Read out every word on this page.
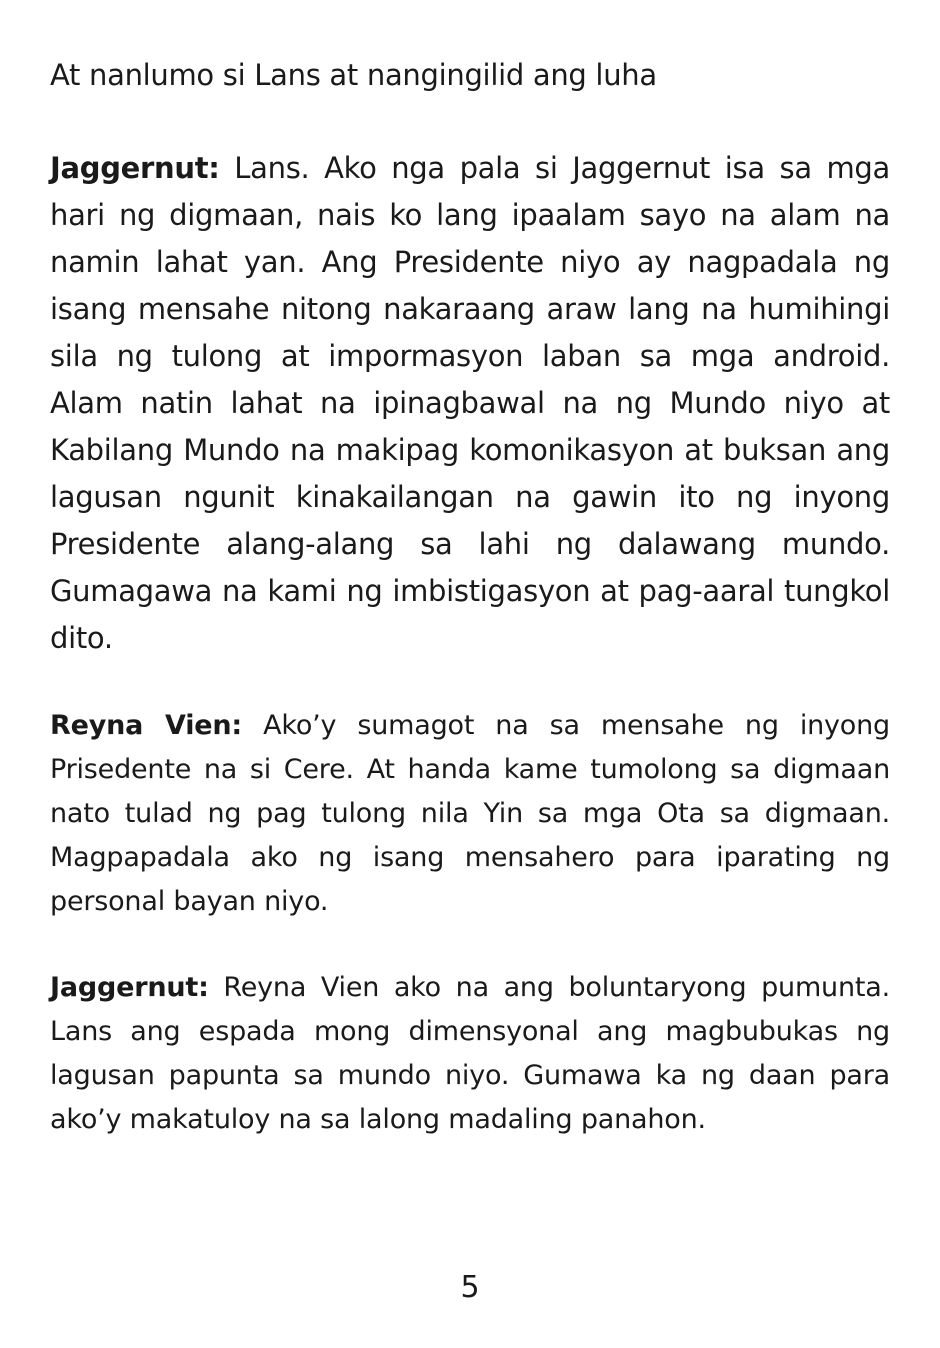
At nanlumo si Lans at nangingilid ang luha

Jaggernut: Lans. Ako nga pala si Jaggernut isa sa mga hari ng digmaan, nais ko lang ipaalam sayo na alam na namin lahat yan. Ang Presidente niyo ay nagpadala ng isang mensahe nitong nakaraang araw lang na humihingi sila ng tulong at impormasyon laban sa mga android. Alam natin lahat na ipinagbawal na ng Mundo niyo at Kabilang Mundo na makipag komonikasyon at buksan ang lagusan ngunit kinakailangan na gawin ito ng inyong Presidente alang-alang sa lahi ng dalawang mundo. Gumagawa na kami ng imbistigasyon at pag-aaral tungkol dito.

Reyna Vien: Ako’y sumagot na sa mensahe ng inyong Prisedente na si Cere. At handa kame tumolong sa digmaan nato tulad ng pag tulong nila Yin sa mga Ota sa digmaan. Magpapadala ako ng isang mensahero para iparating ng personal bayan niyo.

Jaggernut: Reyna Vien ako na ang boluntaryong pumunta. Lans ang espada mong dimensyonal ang magbubukas ng lagusan papunta sa mundo niyo. Gumawa ka ng daan para ako’y makatuloy na sa lalong madaling panahon.

5
